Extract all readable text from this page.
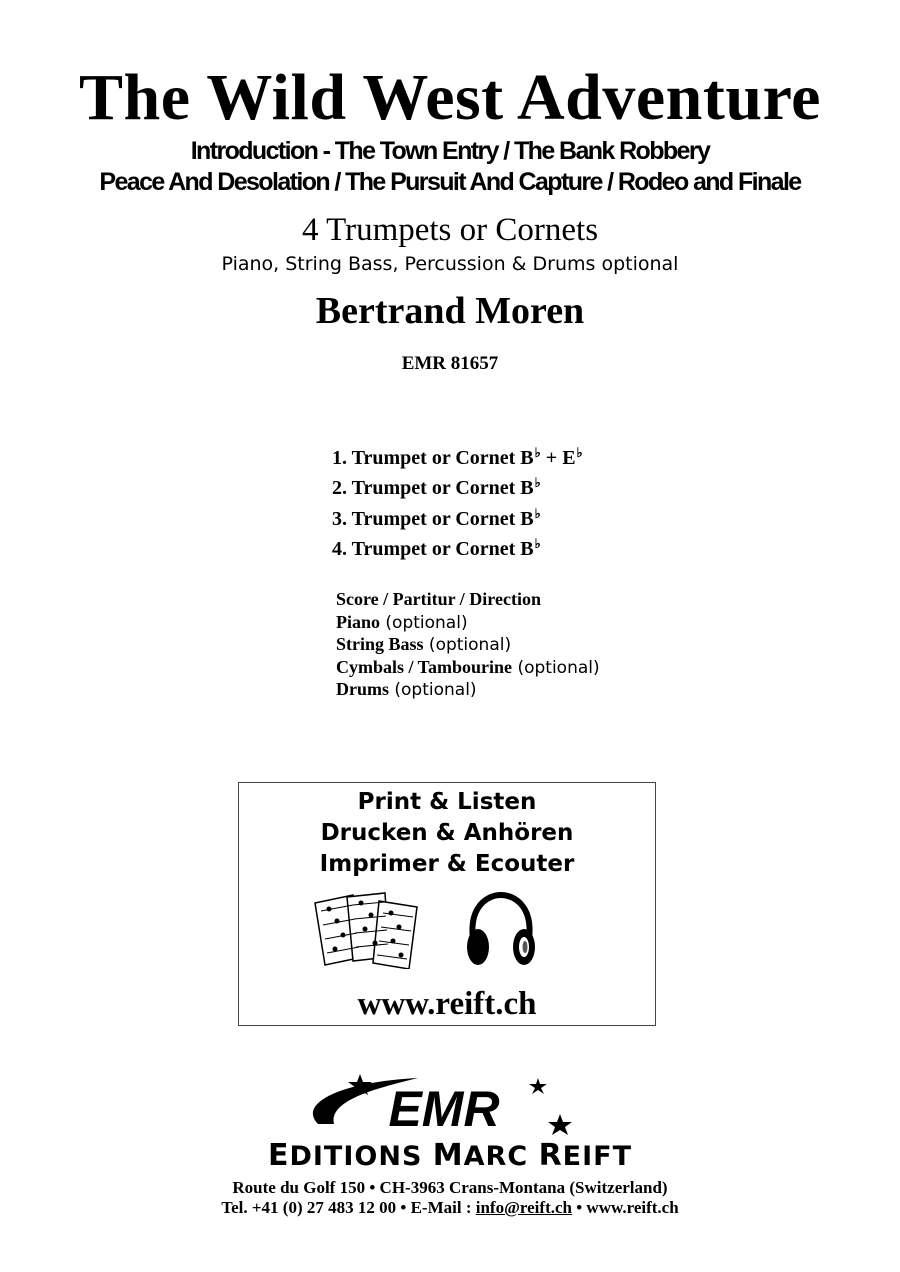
The Wild West Adventure
Introduction - The Town Entry / The Bank Robbery
Peace And Desolation / The Pursuit And Capture / Rodeo and Finale
4 Trumpets or Cornets
Piano, String Bass, Percussion & Drums optional
Bertrand Moren
EMR 81657
1. Trumpet or Cornet B♭ + E♭
2. Trumpet or Cornet B♭
3. Trumpet or Cornet B♭
4. Trumpet or Cornet B♭
Score / Partitur / Direction
Piano (optional)
String Bass (optional)
Cymbals / Tambourine (optional)
Drums (optional)
Print & Listen
Drucken & Anhören
Imprimer & Ecouter
www.reift.ch
EMR
EDITIONS MARC REIFT
Route du Golf 150 • CH-3963 Crans-Montana (Switzerland)
Tel. +41 (0) 27 483 12 00 • E-Mail : info@reift.ch • www.reift.ch
